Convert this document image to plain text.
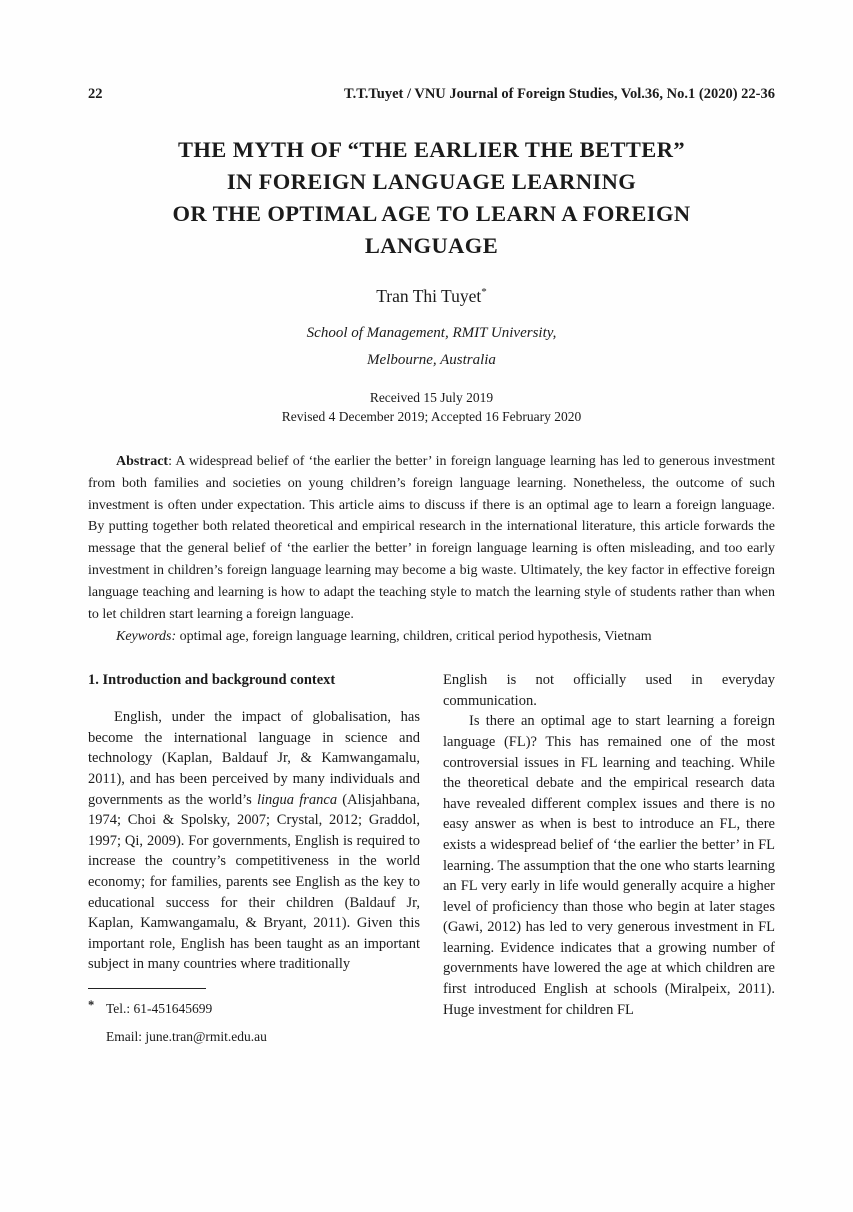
22	T.T.Tuyet / VNU Journal of Foreign Studies, Vol.36, No.1 (2020) 22-36
THE MYTH OF “THE EARLIER THE BETTER”
IN FOREIGN LANGUAGE LEARNING
OR THE OPTIMAL AGE TO LEARN A FOREIGN
LANGUAGE
Tran Thi Tuyet*
School of Management, RMIT University,
Melbourne, Australia
Received 15 July 2019
Revised 4 December 2019; Accepted 16 February 2020

Abstract: A widespread belief of ‘the earlier the better’ in foreign language learning has led to generous investment from both families and societies on young children’s foreign language learning. Nonetheless, the outcome of such investment is often under expectation. This article aims to discuss if there is an optimal age to learn a foreign language. By putting together both related theoretical and empirical research in the international literature, this article forwards the message that the general belief of ‘the earlier the better’ in foreign language learning is often misleading, and too early investment in children’s foreign language learning may become a big waste. Ultimately, the key factor in effective foreign language teaching and learning is how to adapt the teaching style to match the learning style of students rather than when to let children start learning a foreign language.

Keywords: optimal age, foreign language learning, children, critical period hypothesis, Vietnam
1. Introduction and background context

English, under the impact of globalisation, has become the international language in science and technology (Kaplan, Baldauf Jr, & Kamwangamalu, 2011), and has been perceived by many individuals and governments as the world’s lingua franca (Alisjahbana, 1974; Choi & Spolsky, 2007; Crystal, 2012; Graddol, 1997; Qi, 2009). For governments, English is required to increase the country’s competitiveness in the world economy; for families, parents see English as the key to educational success for their children (Baldauf Jr, Kaplan, Kamwangamalu, & Bryant, 2011). Given this important role, English has been taught as an important subject in many countries where traditionally

* Tel.: 61-451645699
Email: june.tran@rmit.edu.au

English is not officially used in everyday communication.

Is there an optimal age to start learning a foreign language (FL)? This has remained one of the most controversial issues in FL learning and teaching. While the theoretical debate and the empirical research data have revealed different complex issues and there is no easy answer as when is best to introduce an FL, there exists a widespread belief of ‘the earlier the better’ in FL learning. The assumption that the one who starts learning an FL very early in life would generally acquire a higher level of proficiency than those who begin at later stages (Gawi, 2012) has led to very generous investment in FL learning. Evidence indicates that a growing number of governments have lowered the age at which children are first introduced English at schools (Miralpeix, 2011). Huge investment for children FL
